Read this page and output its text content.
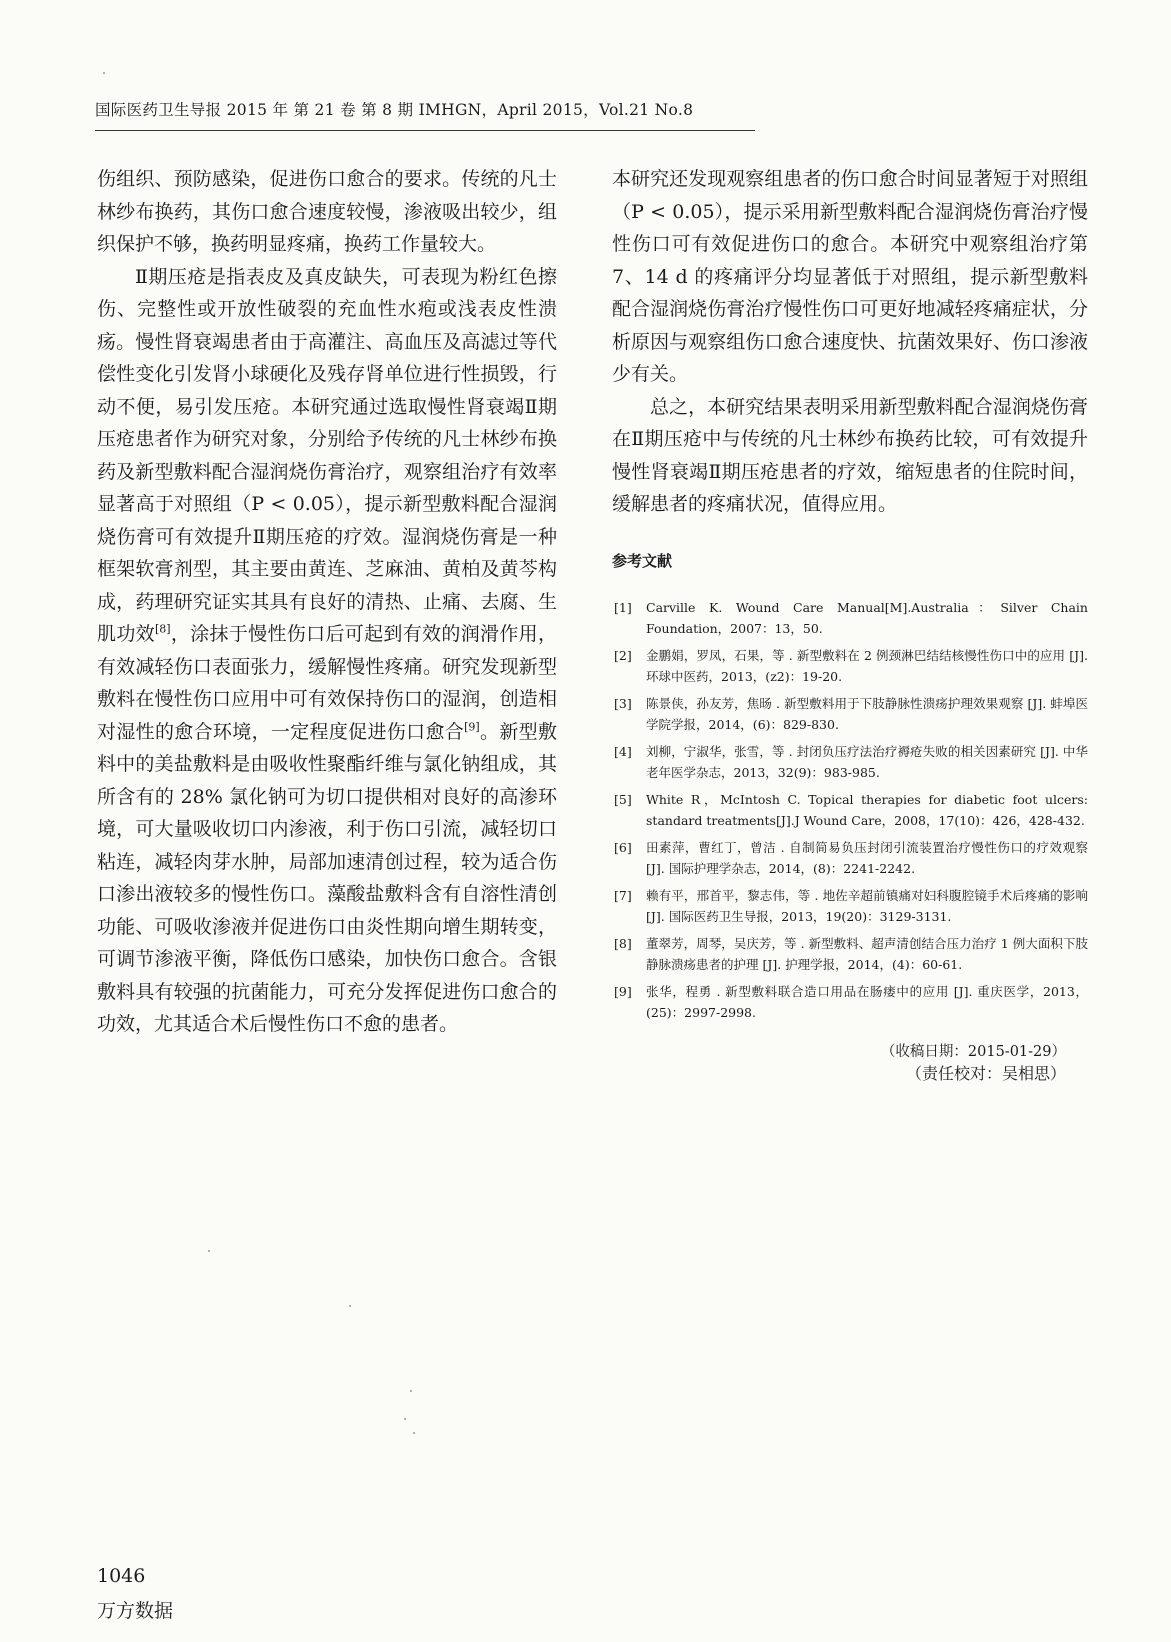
国际医药卫生导报 2015 年 第 21 卷 第 8 期 IMHGN，April 2015，Vol.21 No.8

伤组织、预防感染，促进伤口愈合的要求。传统的凡士林纱布换药，其伤口愈合速度较慢，渗液吸出较少，组织保护不够，换药明显疼痛，换药工作量较大。

Ⅱ期压疮是指表皮及真皮缺失，可表现为粉红色擦伤、完整性或开放性破裂的充血性水疱或浅表皮性溃疡。慢性肾衰竭患者由于高灌注、高血压及高滤过等代偿性变化引发肾小球硬化及残存肾单位进行性损毁，行动不便，易引发压疮。本研究通过选取慢性肾衰竭Ⅱ期压疮患者作为研究对象，分别给予传统的凡士林纱布换药及新型敷料配合湿润烧伤膏治疗，观察组治疗有效率显著高于对照组（P < 0.05），提示新型敷料配合湿润烧伤膏可有效提升Ⅱ期压疮的疗效。湿润烧伤膏是一种框架软膏剂型，其主要由黄连、芝麻油、黄柏及黄芩构成，药理研究证实其具有良好的清热、止痛、去腐、生肌功效[8]，涂抹于慢性伤口后可起到有效的润滑作用，有效减轻伤口表面张力，缓解慢性疼痛。研究发现新型敷料在慢性伤口应用中可有效保持伤口的湿润，创造相对湿性的愈合环境，一定程度促进伤口愈合[9]。新型敷料中的美盐敷料是由吸收性聚酯纤维与氯化钠组成，其所含有的 28% 氯化钠可为切口提供相对良好的高渗环境，可大量吸收切口内渗液，利于伤口引流，减轻切口粘连，减轻肉芽水肿，局部加速清创过程，较为适合伤口渗出液较多的慢性伤口。藻酸盐敷料含有自溶性清创功能、可吸收渗液并促进伤口由炎性期向增生期转变，可调节渗液平衡，降低伤口感染，加快伤口愈合。含银敷料具有较强的抗菌能力，可充分发挥促进伤口愈合的功效，尤其适合术后慢性伤口不愈的患者。

本研究还发现观察组患者的伤口愈合时间显著短于对照组（P < 0.05），提示采用新型敷料配合湿润烧伤膏治疗慢性伤口可有效促进伤口的愈合。本研究中观察组治疗第 7、14 d 的疼痛评分均显著低于对照组，提示新型敷料配合湿润烧伤膏治疗慢性伤口可更好地减轻疼痛症状，分析原因与观察组伤口愈合速度快、抗菌效果好、伤口渗液少有关。

总之，本研究结果表明采用新型敷料配合湿润烧伤膏在Ⅱ期压疮中与传统的凡士林纱布换药比较，可有效提升慢性肾衰竭Ⅱ期压疮患者的疗效，缩短患者的住院时间，缓解患者的疼痛状况，值得应用。

参考文献
[1] Carville K. Wound Care Manual[M].Australia：Silver Chain Foundation，2007：13，50.
[2] 金鹏娟，罗凤，石果，等 . 新型敷料在 2 例颈淋巴结结核慢性伤口中的应用 [J]. 环球中医药，2013，(z2)：19-20.
[3] 陈景侠，孙友芳，焦旸 . 新型敷料用于下肢静脉性溃疡护理效果观察 [J]. 蚌埠医学院学报，2014，(6)：829-830.
[4] 刘柳，宁淑华，张雪，等 . 封闭负压疗法治疗褥疮失败的相关因素研究 [J]. 中华老年医学杂志，2013，32(9)：983-985.
[5] White R，McIntosh C. Topical therapies for diabetic foot ulcers: standard treatments[J].J Wound Care，2008，17(10)：426，428-432.
[6] 田素萍，曹红丁，曾洁 . 自制简易负压封闭引流装置治疗慢性伤口的疗效观察 [J]. 国际护理学杂志，2014，(8)：2241-2242.
[7] 赖有平，邢首平，黎志伟，等 . 地佐辛超前镇痛对妇科腹腔镜手术后疼痛的影响 [J]. 国际医药卫生导报，2013，19(20)：3129-3131.
[8] 董翠芳，周琴，吴庆芳，等 . 新型敷料、超声清创结合压力治疗 1 例大面积下肢静脉溃疡患者的护理 [J]. 护理学报，2014，(4)：60-61.
[9] 张华，程勇 . 新型敷料联合造口用品在肠瘘中的应用 [J]. 重庆医学，2013，(25)：2997-2998.
（收稿日期：2015-01-29）
（责任校对：吴相思）
1046
万方数据
